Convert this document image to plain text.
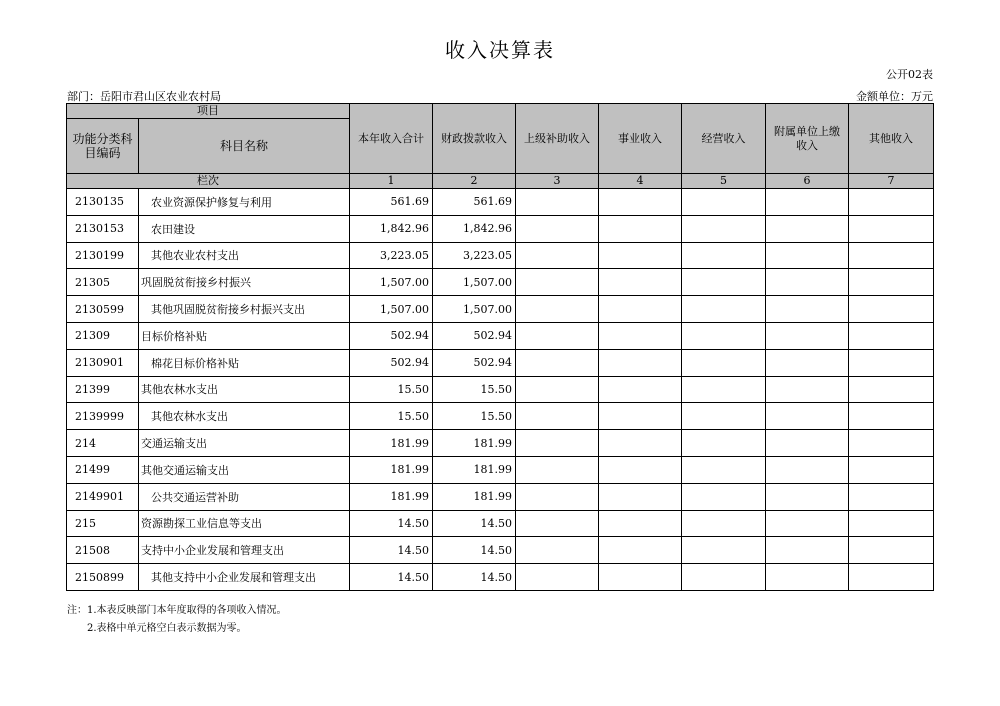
收入决算表
公开02表
部门：岳阳市君山区农业农村局	金额单位：万元
项目		本年收入合计	财政拨款收入	上级补助收入	事业收入	经营收入	附属单位上缴收入	其他收入
功能分类科目编码	科目名称							
栏次		1	2	3	4	5	6	7
2130135	农业资源保护修复与利用	561.69	561.69					
2130153	农田建设	1,842.96	1,842.96					
2130199	其他农业农村支出	3,223.05	3,223.05					
21305	巩固脱贫衔接乡村振兴	1,507.00	1,507.00					
2130599	其他巩固脱贫衔接乡村振兴支出	1,507.00	1,507.00					
21309	目标价格补贴	502.94	502.94					
2130901	棉花目标价格补贴	502.94	502.94					
21399	其他农林水支出	15.50	15.50					
2139999	其他农林水支出	15.50	15.50					
214	交通运输支出	181.99	181.99					
21499	其他交通运输支出	181.99	181.99					
2149901	公共交通运营补助	181.99	181.99					
215	资源勘探工业信息等支出	14.50	14.50					
21508	支持中小企业发展和管理支出	14.50	14.50					
2150899	其他支持中小企业发展和管理支出	14.50	14.50					
注：1.本表反映部门本年度取得的各项收入情况。
2.表格中单元格空白表示数据为零。
